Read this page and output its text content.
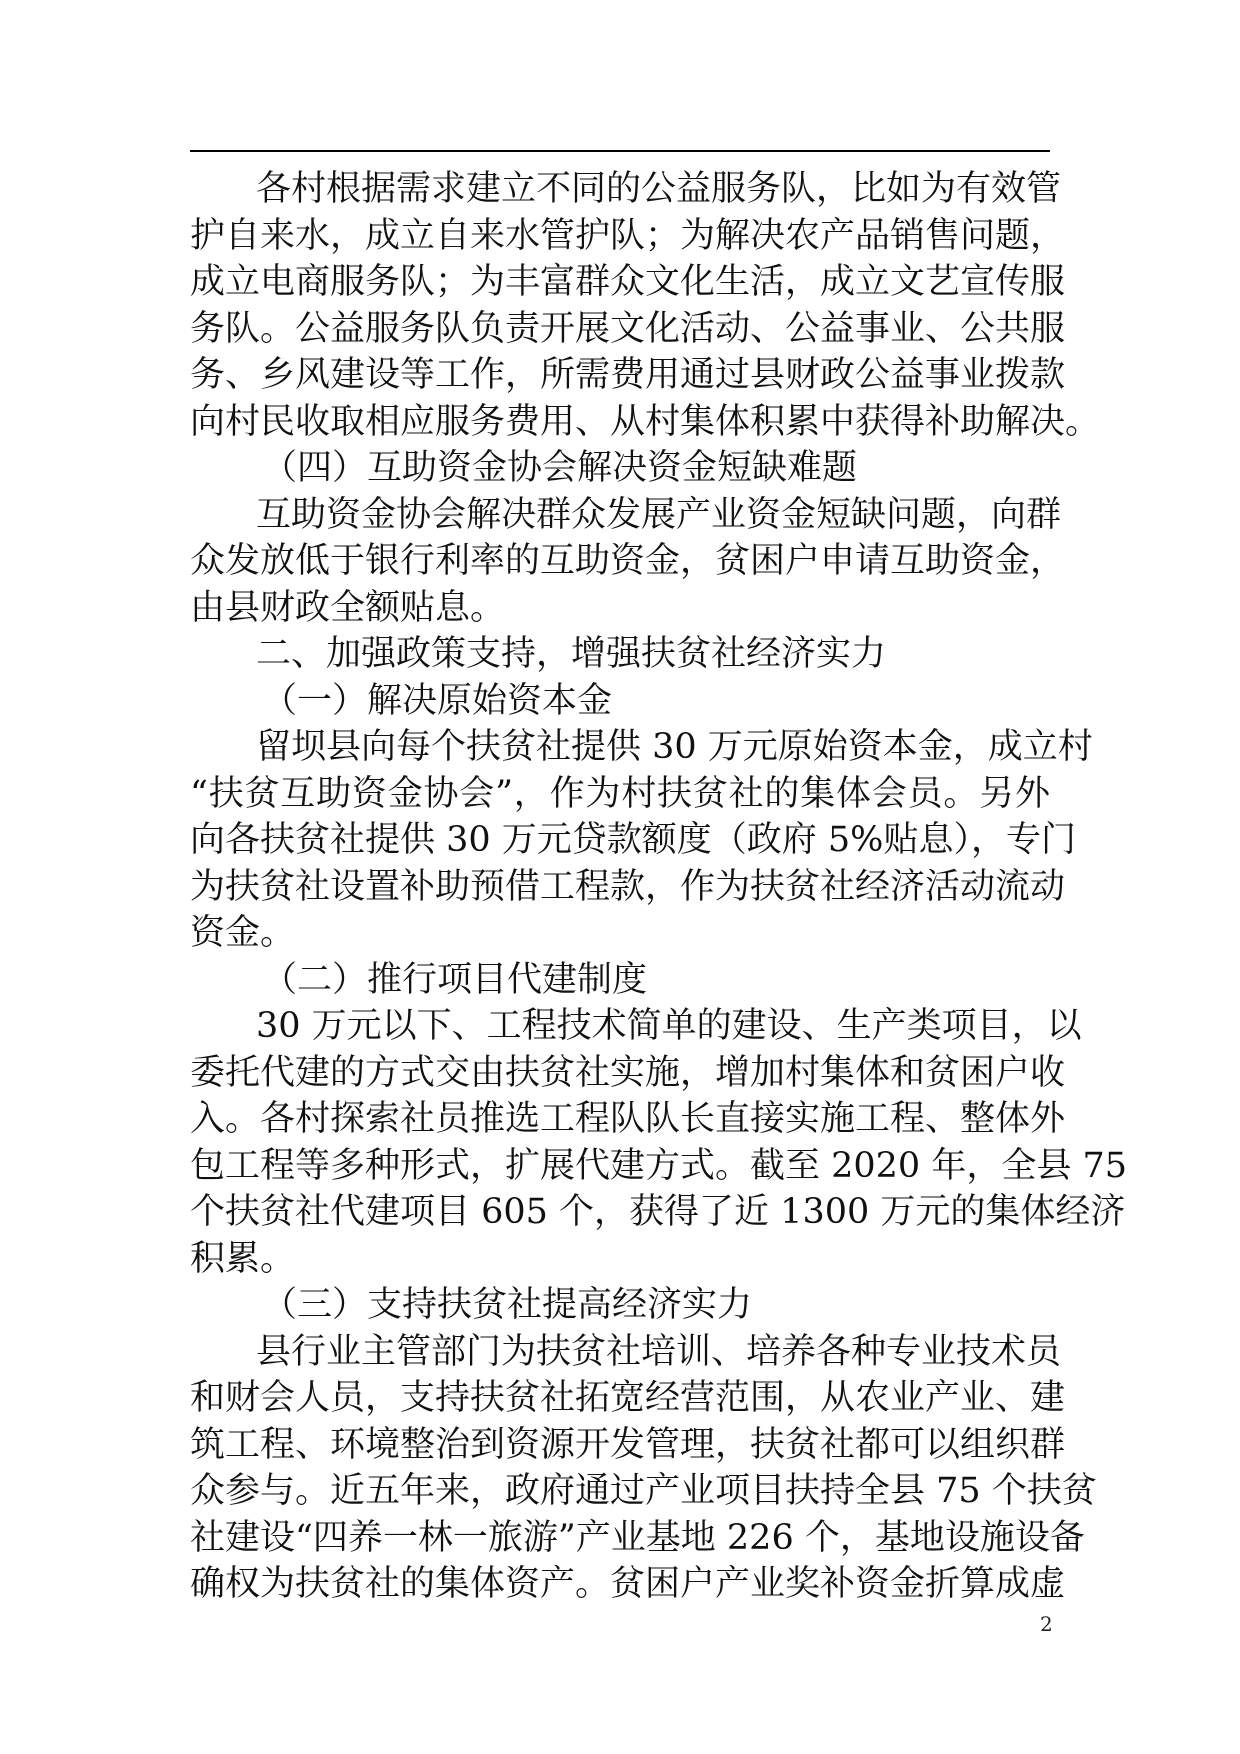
各村根据需求建立不同的公益服务队，比如为有效管
护自来水，成立自来水管护队；为解决农产品销售问题，
成立电商服务队；为丰富群众文化生活，成立文艺宣传服
务队。公益服务队负责开展文化活动、公益事业、公共服
务、乡风建设等工作，所需费用通过县财政公益事业拨款
向村民收取相应服务费用、从村集体积累中获得补助解决。
（四）互助资金协会解决资金短缺难题
互助资金协会解决群众发展产业资金短缺问题，向群
众发放低于银行利率的互助资金，贫困户申请互助资金，
由县财政全额贴息。
二、加强政策支持，增强扶贫社经济实力
（一）解决原始资本金
留坝县向每个扶贫社提供 30 万元原始资本金，成立村
“扶贫互助资金协会”，作为村扶贫社的集体会员。另外
向各扶贫社提供 30 万元贷款额度（政府 5%贴息），专门
为扶贫社设置补助预借工程款，作为扶贫社经济活动流动
资金。
（二）推行项目代建制度
30 万元以下、工程技术简单的建设、生产类项目，以
委托代建的方式交由扶贫社实施，增加村集体和贫困户收
入。各村探索社员推选工程队队长直接实施工程、整体外
包工程等多种形式，扩展代建方式。截至 2020 年，全县 75
个扶贫社代建项目 605 个，获得了近 1300 万元的集体经济
积累。
（三）支持扶贫社提高经济实力
县行业主管部门为扶贫社培训、培养各种专业技术员
和财会人员，支持扶贫社拓宽经营范围，从农业产业、建
筑工程、环境整治到资源开发管理，扶贫社都可以组织群
众参与。近五年来，政府通过产业项目扶持全县 75 个扶贫
社建设“四养一林一旅游”产业基地 226 个，基地设施设备
确权为扶贫社的集体资产。贫困户产业奖补资金折算成虚
2
